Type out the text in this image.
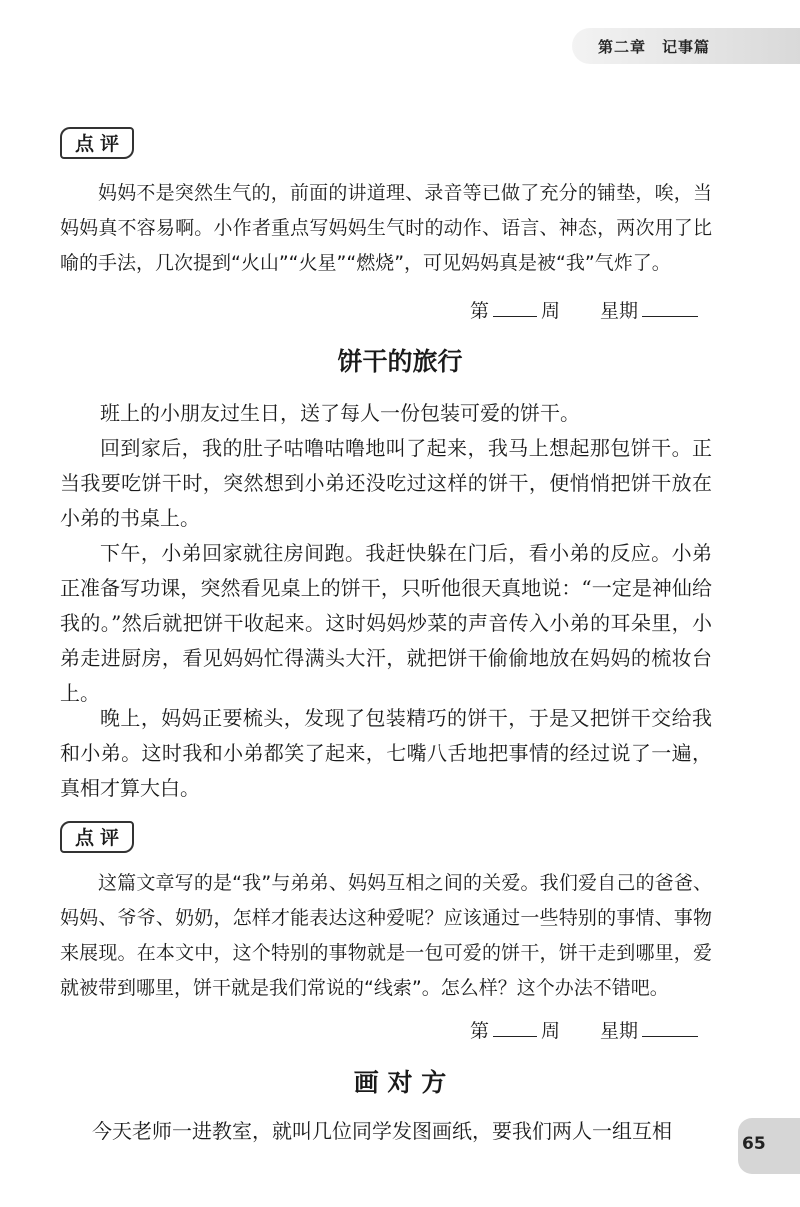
第二章　记事篇
点评

妈妈不是突然生气的，前面的讲道理、录音等已做了充分的铺垫，唉，当妈妈真不容易啊。小作者重点写妈妈生气时的动作、语言、神态，两次用了比喻的手法，几次提到“火山”“火星”“燃烧”，可见妈妈真是被“我”气炸了。

第	周 星期
饼干的旅行

班上的小朋友过生日，送了每人一份包装可爱的饼干。

回到家后，我的肚子咕噜咕噜地叫了起来，我马上想起那包饼干。正当我要吃饼干时，突然想到小弟还没吃过这样的饼干，便悄悄把饼干放在小弟的书桌上。

下午，小弟回家就往房间跑。我赶快躲在门后，看小弟的反应。小弟正准备写功课，突然看见桌上的饼干，只听他很天真地说：“一定是神仙给我的。”然后就把饼干收起来。这时妈妈炒菜的声音传入小弟的耳朵里，小弟走进厨房，看见妈妈忙得满头大汗，就把饼干偷偷地放在妈妈的梳妆台上。

晚上，妈妈正要梳头，发现了包装精巧的饼干，于是又把饼干交给我和小弟。这时我和小弟都笑了起来，七嘴八舌地把事情的经过说了一遍，真相才算大白。

点评

这篇文章写的是“我”与弟弟、妈妈互相之间的关爱。我们爱自己的爸爸、妈妈、爷爷、奶奶，怎样才能表达这种爱呢？应该通过一些特别的事情、事物来展现。在本文中，这个特别的事物就是一包可爱的饼干，饼干走到哪里，爱就被带到哪里，饼干就是我们常说的“线索”。怎么样？这个办法不错吧。

第	周 星期
画 对 方

今天老师一进教室，就叫几位同学发图画纸，要我们两人一组互相

65
